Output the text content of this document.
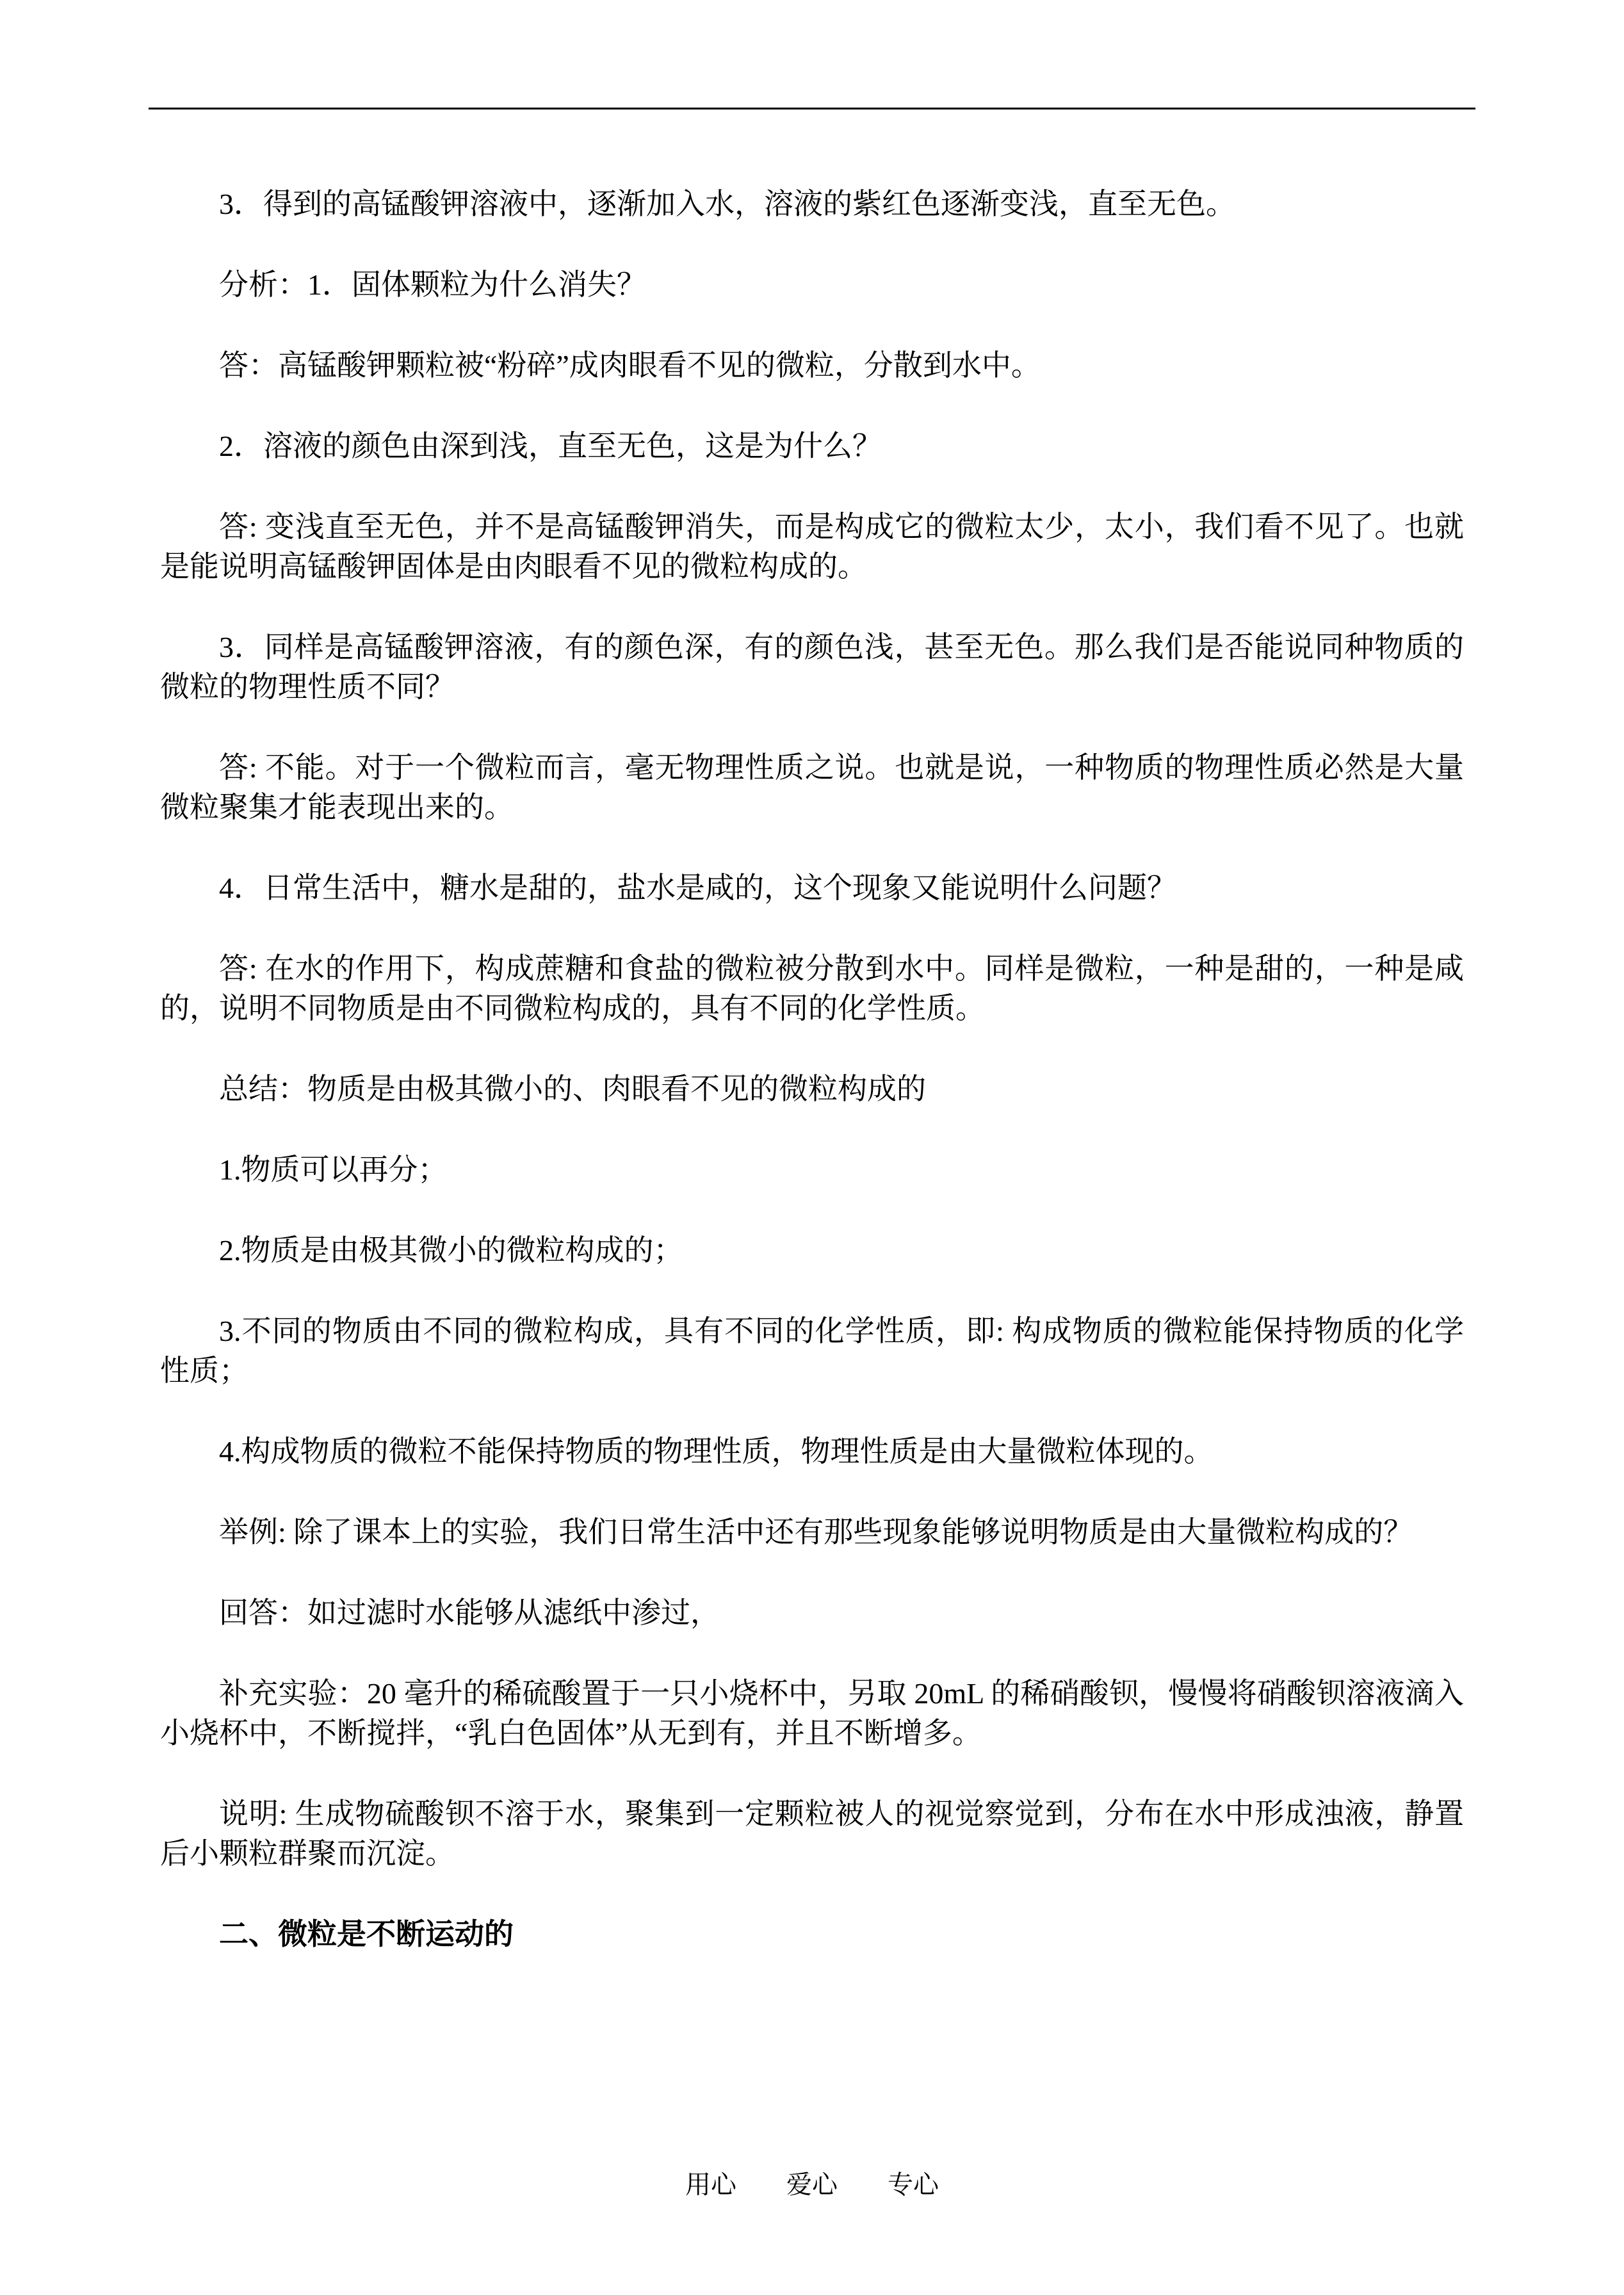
3．得到的高锰酸钾溶液中，逐渐加入水，溶液的紫红色逐渐变浅，直至无色。

分析：1．固体颗粒为什么消失？

答：高锰酸钾颗粒被“粉碎”成肉眼看不见的微粒，分散到水中。

2．溶液的颜色由深到浅，直至无色，这是为什么？

答: 变浅直至无色，并不是高锰酸钾消失，而是构成它的微粒太少，太小，我们看不见了。也就是能说明高锰酸钾固体是由肉眼看不见的微粒构成的。

3．同样是高锰酸钾溶液，有的颜色深，有的颜色浅，甚至无色。那么我们是否能说同种物质的微粒的物理性质不同？

答: 不能。对于一个微粒而言，毫无物理性质之说。也就是说，一种物质的物理性质必然是大量微粒聚集才能表现出来的。

4．日常生活中，糖水是甜的，盐水是咸的，这个现象又能说明什么问题？

答: 在水的作用下，构成蔗糖和食盐的微粒被分散到水中。同样是微粒，一种是甜的，一种是咸的，说明不同物质是由不同微粒构成的，具有不同的化学性质。

总结：物质是由极其微小的、肉眼看不见的微粒构成的

1.物质可以再分；

2.物质是由极其微小的微粒构成的；

3.不同的物质由不同的微粒构成，具有不同的化学性质，即: 构成物质的微粒能保持物质的化学性质；

4.构成物质的微粒不能保持物质的物理性质，物理性质是由大量微粒体现的。

举例: 除了课本上的实验，我们日常生活中还有那些现象能够说明物质是由大量微粒构成的？

回答：如过滤时水能够从滤纸中渗过，

补充实验：20 毫升的稀硫酸置于一只小烧杯中，另取 20mL 的稀硝酸钡，慢慢将硝酸钡溶液滴入小烧杯中，不断搅拌，“乳白色固体”从无到有，并且不断增多。

说明: 生成物硫酸钡不溶于水，聚集到一定颗粒被人的视觉察觉到，分布在水中形成浊液，静置后小颗粒群聚而沉淀。

二、微粒是不断运动的

用心 爱心 专心
